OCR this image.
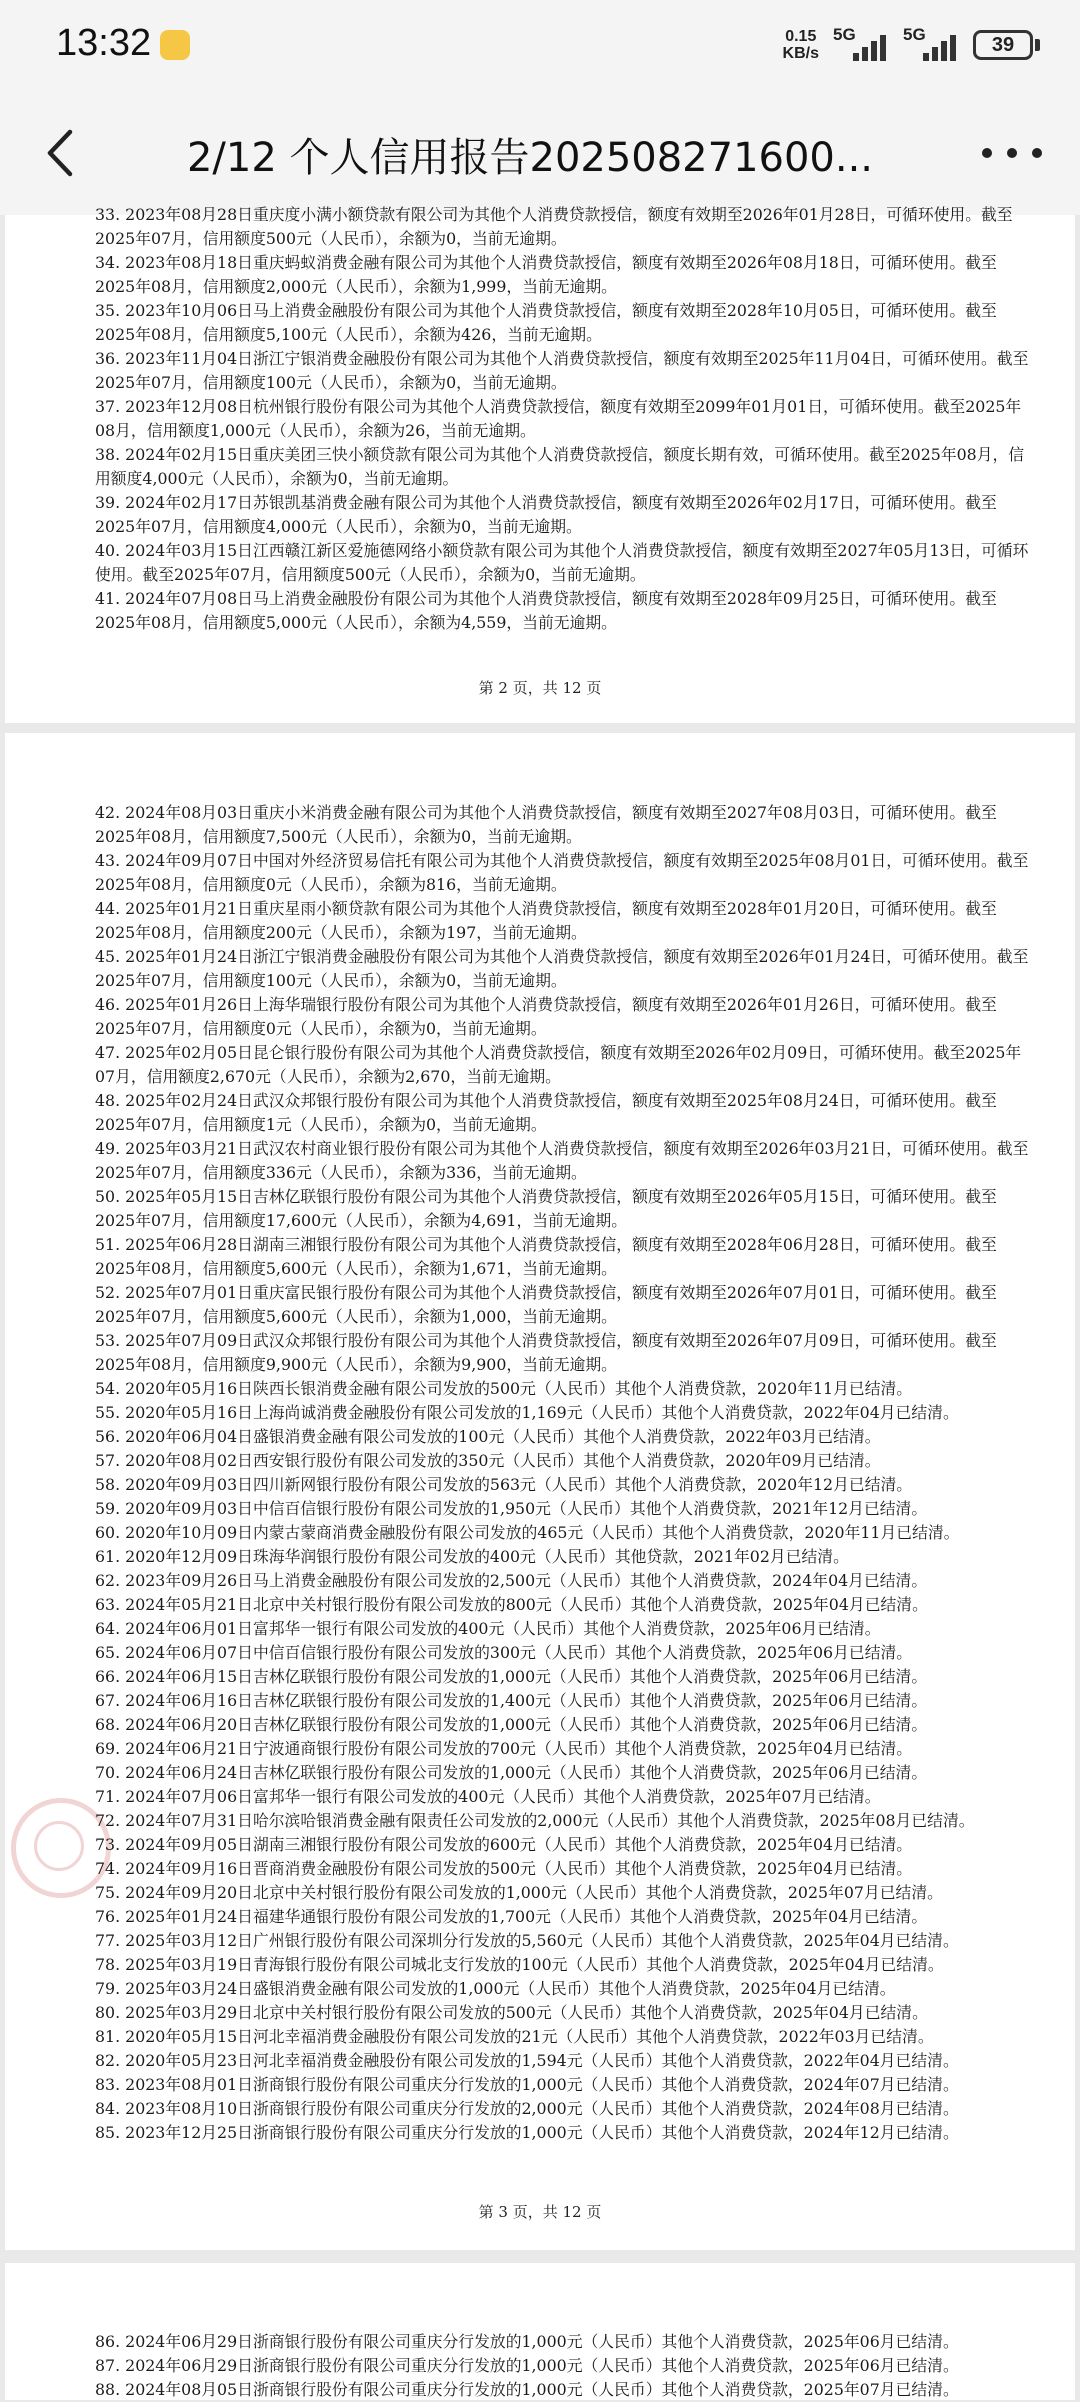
13:32	0.15
KB/s
5G	5G	39
2/12 个人信用报告202508271600...
33. 2023年08月28日重庆度小满小额贷款有限公司为其他个人消费贷款授信，额度有效期至2026年01月28日，可循环使用。截至
2025年07月，信用额度500元（人民币），余额为0，当前无逾期。
34. 2023年08月18日重庆蚂蚁消费金融有限公司为其他个人消费贷款授信，额度有效期至2026年08月18日，可循环使用。截至
2025年08月，信用额度2,000元（人民币），余额为1,999，当前无逾期。
35. 2023年10月06日马上消费金融股份有限公司为其他个人消费贷款授信，额度有效期至2028年10月05日，可循环使用。截至
2025年08月，信用额度5,100元（人民币），余额为426，当前无逾期。
36. 2023年11月04日浙江宁银消费金融股份有限公司为其他个人消费贷款授信，额度有效期至2025年11月04日，可循环使用。截至
2025年07月，信用额度100元（人民币），余额为0，当前无逾期。
37. 2023年12月08日杭州银行股份有限公司为其他个人消费贷款授信，额度有效期至2099年01月01日，可循环使用。截至2025年
08月，信用额度1,000元（人民币），余额为26，当前无逾期。
38. 2024年02月15日重庆美团三快小额贷款有限公司为其他个人消费贷款授信，额度长期有效，可循环使用。截至2025年08月，信
用额度4,000元（人民币），余额为0，当前无逾期。
39. 2024年02月17日苏银凯基消费金融有限公司为其他个人消费贷款授信，额度有效期至2026年02月17日，可循环使用。截至
2025年07月，信用额度4,000元（人民币），余额为0，当前无逾期。
40. 2024年03月15日江西赣江新区爱施德网络小额贷款有限公司为其他个人消费贷款授信，额度有效期至2027年05月13日，可循环
使用。截至2025年07月，信用额度500元（人民币），余额为0，当前无逾期。
41. 2024年07月08日马上消费金融股份有限公司为其他个人消费贷款授信，额度有效期至2028年09月25日，可循环使用。截至
2025年08月，信用额度5,000元（人民币），余额为4,559，当前无逾期。
第 2 页，共 12 页
42. 2024年08月03日重庆小米消费金融有限公司为其他个人消费贷款授信，额度有效期至2027年08月03日，可循环使用。截至
2025年08月，信用额度7,500元（人民币），余额为0，当前无逾期。
43. 2024年09月07日中国对外经济贸易信托有限公司为其他个人消费贷款授信，额度有效期至2025年08月01日，可循环使用。截至
2025年08月，信用额度0元（人民币），余额为816，当前无逾期。
44. 2025年01月21日重庆星雨小额贷款有限公司为其他个人消费贷款授信，额度有效期至2028年01月20日，可循环使用。截至
2025年08月，信用额度200元（人民币），余额为197，当前无逾期。
45. 2025年01月24日浙江宁银消费金融股份有限公司为其他个人消费贷款授信，额度有效期至2026年01月24日，可循环使用。截至
2025年07月，信用额度100元（人民币），余额为0，当前无逾期。
46. 2025年01月26日上海华瑞银行股份有限公司为其他个人消费贷款授信，额度有效期至2026年01月26日，可循环使用。截至
2025年07月，信用额度0元（人民币），余额为0，当前无逾期。
47. 2025年02月05日昆仑银行股份有限公司为其他个人消费贷款授信，额度有效期至2026年02月09日，可循环使用。截至2025年
07月，信用额度2,670元（人民币），余额为2,670，当前无逾期。
48. 2025年02月24日武汉众邦银行股份有限公司为其他个人消费贷款授信，额度有效期至2025年08月24日，可循环使用。截至
2025年07月，信用额度1元（人民币），余额为0，当前无逾期。
49. 2025年03月21日武汉农村商业银行股份有限公司为其他个人消费贷款授信，额度有效期至2026年03月21日，可循环使用。截至
2025年07月，信用额度336元（人民币），余额为336，当前无逾期。
50. 2025年05月15日吉林亿联银行股份有限公司为其他个人消费贷款授信，额度有效期至2026年05月15日，可循环使用。截至
2025年07月，信用额度17,600元（人民币），余额为4,691，当前无逾期。
51. 2025年06月28日湖南三湘银行股份有限公司为其他个人消费贷款授信，额度有效期至2028年06月28日，可循环使用。截至
2025年08月，信用额度5,600元（人民币），余额为1,671，当前无逾期。
52. 2025年07月01日重庆富民银行股份有限公司为其他个人消费贷款授信，额度有效期至2026年07月01日，可循环使用。截至
2025年07月，信用额度5,600元（人民币），余额为1,000，当前无逾期。
53. 2025年07月09日武汉众邦银行股份有限公司为其他个人消费贷款授信，额度有效期至2026年07月09日，可循环使用。截至
2025年08月，信用额度9,900元（人民币），余额为9,900，当前无逾期。
54. 2020年05月16日陕西长银消费金融有限公司发放的500元（人民币）其他个人消费贷款，2020年11月已结清。
55. 2020年05月16日上海尚诚消费金融股份有限公司发放的1,169元（人民币）其他个人消费贷款，2022年04月已结清。
56. 2020年06月04日盛银消费金融有限公司发放的100元（人民币）其他个人消费贷款，2022年03月已结清。
57. 2020年08月02日西安银行股份有限公司发放的350元（人民币）其他个人消费贷款，2020年09月已结清。
58. 2020年09月03日四川新网银行股份有限公司发放的563元（人民币）其他个人消费贷款，2020年12月已结清。
59. 2020年09月03日中信百信银行股份有限公司发放的1,950元（人民币）其他个人消费贷款，2021年12月已结清。
60. 2020年10月09日内蒙古蒙商消费金融股份有限公司发放的465元（人民币）其他个人消费贷款，2020年11月已结清。
61. 2020年12月09日珠海华润银行股份有限公司发放的400元（人民币）其他贷款，2021年02月已结清。
62. 2023年09月26日马上消费金融股份有限公司发放的2,500元（人民币）其他个人消费贷款，2024年04月已结清。
63. 2024年05月21日北京中关村银行股份有限公司发放的800元（人民币）其他个人消费贷款，2025年04月已结清。
64. 2024年06月01日富邦华一银行有限公司发放的400元（人民币）其他个人消费贷款，2025年06月已结清。
65. 2024年06月07日中信百信银行股份有限公司发放的300元（人民币）其他个人消费贷款，2025年06月已结清。
66. 2024年06月15日吉林亿联银行股份有限公司发放的1,000元（人民币）其他个人消费贷款，2025年06月已结清。
67. 2024年06月16日吉林亿联银行股份有限公司发放的1,400元（人民币）其他个人消费贷款，2025年06月已结清。
68. 2024年06月20日吉林亿联银行股份有限公司发放的1,000元（人民币）其他个人消费贷款，2025年06月已结清。
69. 2024年06月21日宁波通商银行股份有限公司发放的700元（人民币）其他个人消费贷款，2025年04月已结清。
70. 2024年06月24日吉林亿联银行股份有限公司发放的1,000元（人民币）其他个人消费贷款，2025年06月已结清。
71. 2024年07月06日富邦华一银行有限公司发放的400元（人民币）其他个人消费贷款，2025年07月已结清。
72. 2024年07月31日哈尔滨哈银消费金融有限责任公司发放的2,000元（人民币）其他个人消费贷款，2025年08月已结清。
73. 2024年09月05日湖南三湘银行股份有限公司发放的600元（人民币）其他个人消费贷款，2025年04月已结清。
74. 2024年09月16日晋商消费金融股份有限公司发放的500元（人民币）其他个人消费贷款，2025年04月已结清。
75. 2024年09月20日北京中关村银行股份有限公司发放的1,000元（人民币）其他个人消费贷款，2025年07月已结清。
76. 2025年01月24日福建华通银行股份有限公司发放的1,700元（人民币）其他个人消费贷款，2025年04月已结清。
77. 2025年03月12日广州银行股份有限公司深圳分行发放的5,560元（人民币）其他个人消费贷款，2025年04月已结清。
78. 2025年03月19日青海银行股份有限公司城北支行发放的100元（人民币）其他个人消费贷款，2025年04月已结清。
79. 2025年03月24日盛银消费金融有限公司发放的1,000元（人民币）其他个人消费贷款，2025年04月已结清。
80. 2025年03月29日北京中关村银行股份有限公司发放的500元（人民币）其他个人消费贷款，2025年04月已结清。
81. 2020年05月15日河北幸福消费金融股份有限公司发放的21元（人民币）其他个人消费贷款，2022年03月已结清。
82. 2020年05月23日河北幸福消费金融股份有限公司发放的1,594元（人民币）其他个人消费贷款，2022年04月已结清。
83. 2023年08月01日浙商银行股份有限公司重庆分行发放的1,000元（人民币）其他个人消费贷款，2024年07月已结清。
84. 2023年08月10日浙商银行股份有限公司重庆分行发放的2,000元（人民币）其他个人消费贷款，2024年08月已结清。
85. 2023年12月25日浙商银行股份有限公司重庆分行发放的1,000元（人民币）其他个人消费贷款，2024年12月已结清。
第 3 页，共 12 页
86. 2024年06月29日浙商银行股份有限公司重庆分行发放的1,000元（人民币）其他个人消费贷款，2025年06月已结清。
87. 2024年06月29日浙商银行股份有限公司重庆分行发放的1,000元（人民币）其他个人消费贷款，2025年06月已结清。
88. 2024年08月05日浙商银行股份有限公司重庆分行发放的1,000元（人民币）其他个人消费贷款，2025年07月已结清。
